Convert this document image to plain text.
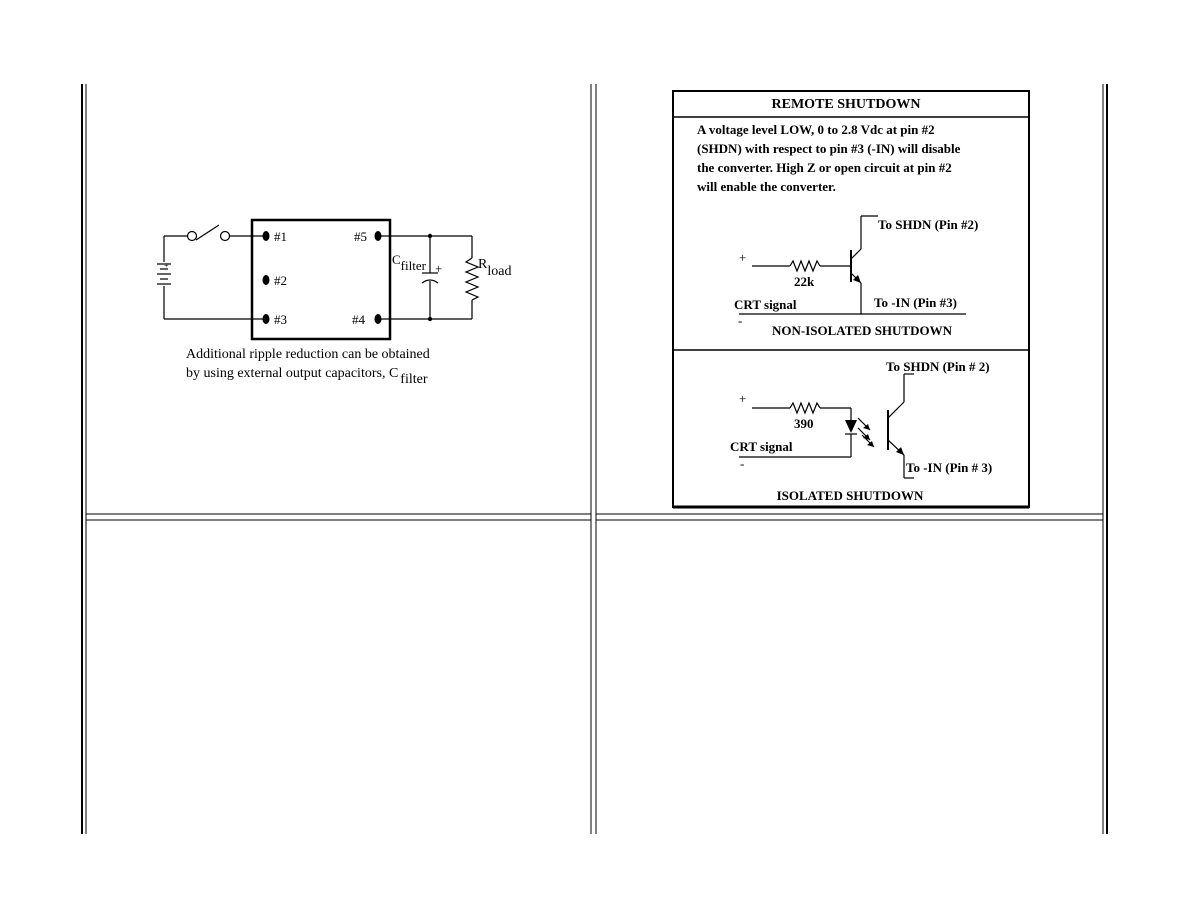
#1
#2
#3
#5
#4
+
-
Cfilter +	Rload
Additional ripple reduction can be obtained
by using external output capacitors, C filter
REMOTE SHUTDOWN
A voltage level LOW, 0 to 2.8 Vdc at pin #2
(SHDN) with respect to pin #3 (-IN) will disable
the converter. High Z or open circuit at pin #2
will enable the converter.
To SHDN (Pin #2)
+
22k
CRT signal
-
To -IN (Pin #3)
NON-ISOLATED SHUTDOWN
To SHDN (Pin # 2)
+
390
CRT signal
-	To -IN (Pin # 3)
ISOLATED SHUTDOWN
